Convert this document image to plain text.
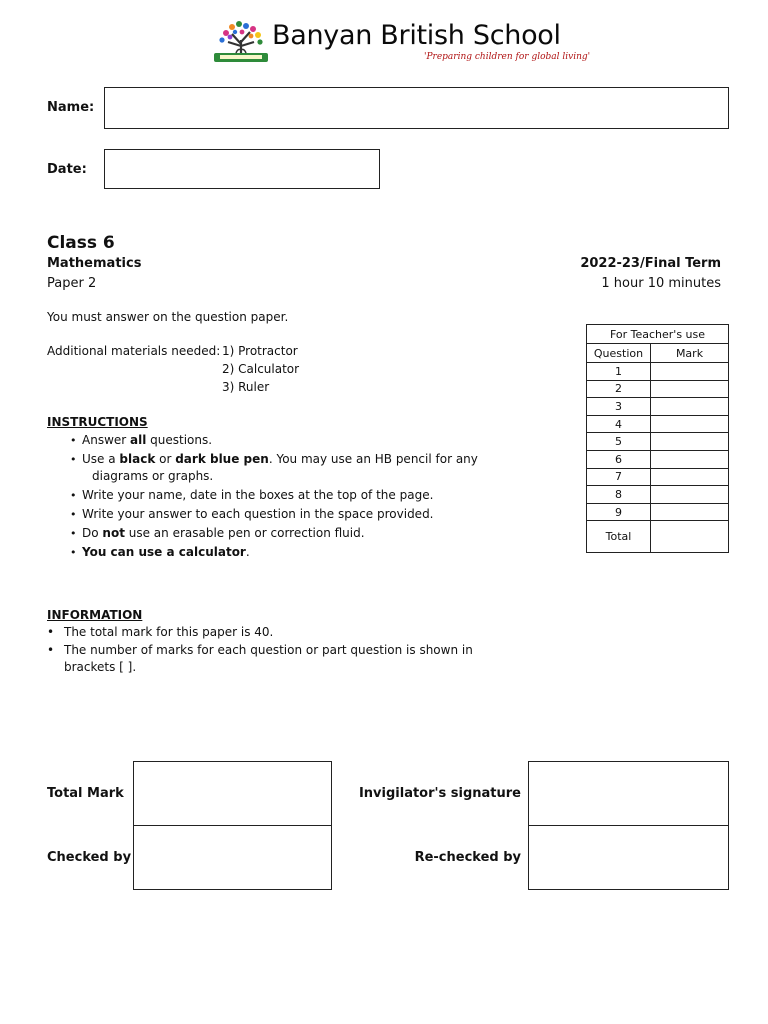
Banyan British School
'Preparing children for global living'
Name:
Date:
Class 6
Mathematics
Paper 2
2022-23/Final Term
1 hour 10 minutes
You must answer on the question paper.
Additional materials needed: 1) Protractor
2) Calculator
3) Ruler
INSTRUCTIONS
• Answer all questions.
• Use a black or dark blue pen. You may use an HB pencil for any
diagrams or graphs.
• Write your name, date in the boxes at the top of the page.
• Write your answer to each question in the space provided.
• Do not use an erasable pen or correction fluid.
• You can use a calculator.
INFORMATION
• The total mark for this paper is 40.
• The number of marks for each question or part question is shown in
brackets [ ].
For Teacher's use	
Question	Mark
1	
2	
3	
4	
5	
6	
7	
8	
9	
Total	
Total Mark
Checked by
Invigilator's signature
Re-checked by
